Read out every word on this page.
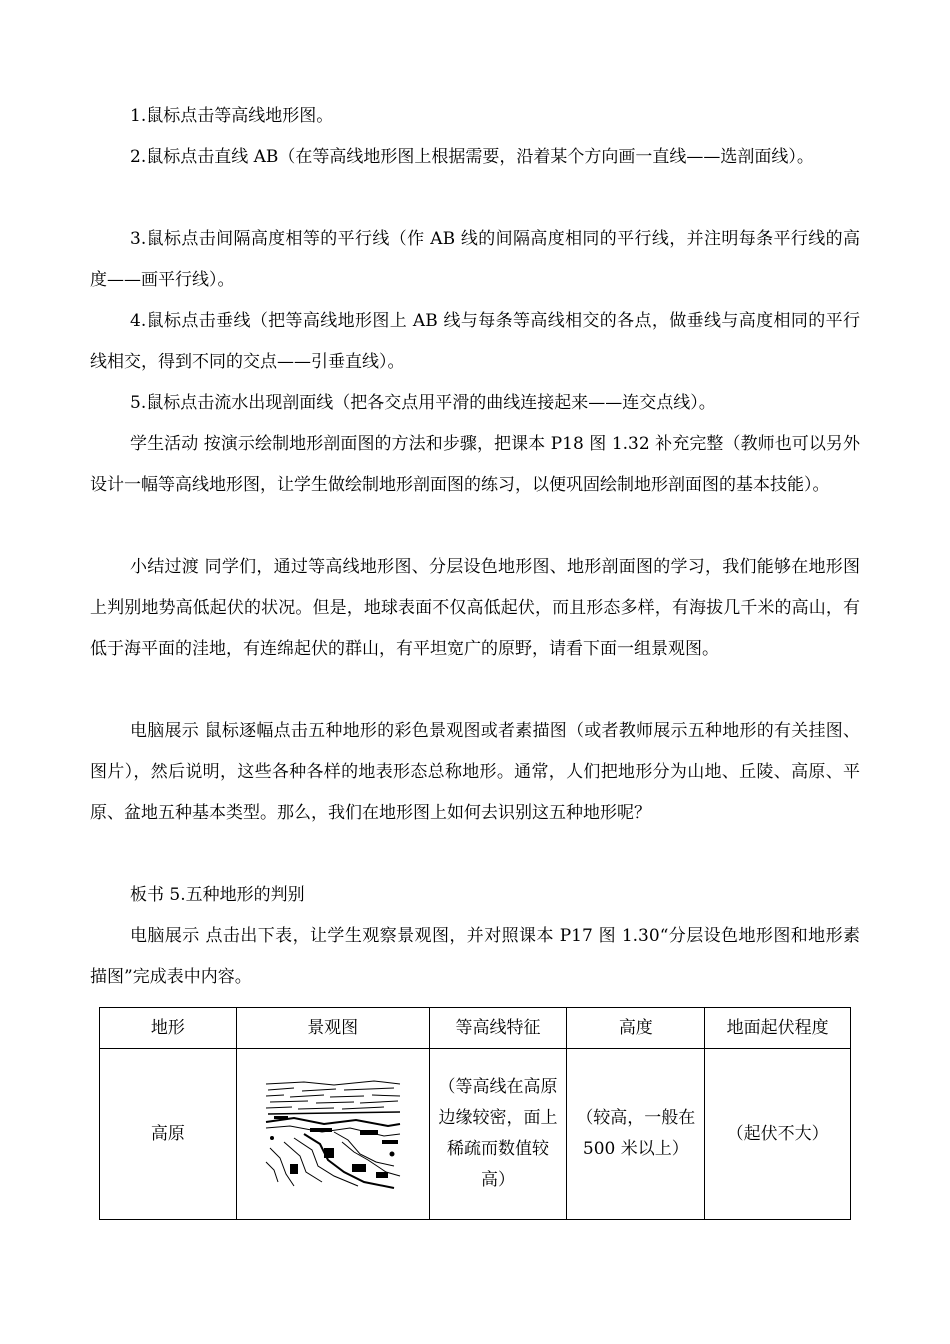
1.鼠标点击等高线地形图。

2.鼠标点击直线 AB（在等高线地形图上根据需要，沿着某个方向画一直线——选剖面线）。

3.鼠标点击间隔高度相等的平行线（作 AB 线的间隔高度相同的平行线，并注明每条平行线的高度——画平行线）。

4.鼠标点击垂线（把等高线地形图上 AB 线与每条等高线相交的各点，做垂线与高度相同的平行线相交，得到不同的交点——引垂直线）。

5.鼠标点击流水出现剖面线（把各交点用平滑的曲线连接起来——连交点线）。

学生活动 按演示绘制地形剖面图的方法和步骤，把课本 P18 图 1.32 补充完整（教师也可以另外设计一幅等高线地形图，让学生做绘制地形剖面图的练习，以便巩固绘制地形剖面图的基本技能）。

小结过渡 同学们，通过等高线地形图、分层设色地形图、地形剖面图的学习，我们能够在地形图上判别地势高低起伏的状况。但是，地球表面不仅高低起伏，而且形态多样，有海拔几千米的高山，有低于海平面的洼地，有连绵起伏的群山，有平坦宽广的原野，请看下面一组景观图。

电脑展示 鼠标逐幅点击五种地形的彩色景观图或者素描图（或者教师展示五种地形的有关挂图、图片），然后说明，这些各种各样的地表形态总称地形。通常，人们把地形分为山地、丘陵、高原、平原、盆地五种基本类型。那么，我们在地形图上如何去识别这五种地形呢？

板书 5.五种地形的判别

电脑展示 点击出下表，让学生观察景观图，并对照课本 P17 图 1.30“分层设色地形图和地形素描图”完成表中内容。

地形	景观图	等高线特征	高度	地面起伏程度
高原		（等高线在高原边缘较密，面上稀疏而数值较高）	（较高，一般在 500 米以上）	（起伏不大）
